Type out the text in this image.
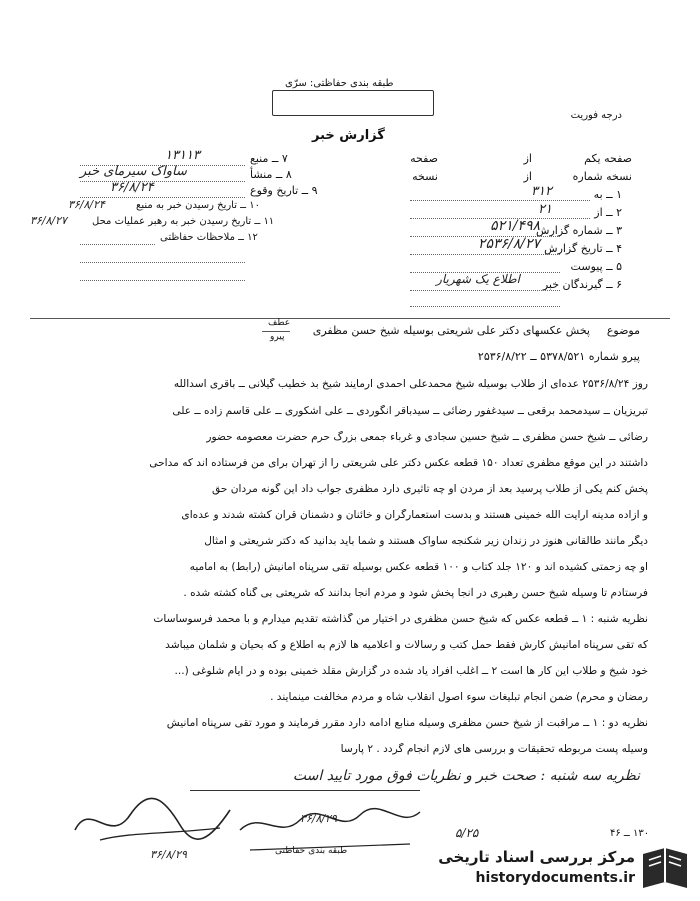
طبقه بندی حفاظتی: سرّی
درجه فوریت
گزارش خبر
۷ ــ منبع
۱۳۱۱۳
۸ ــ منشأ
ساواک سیرمای خبر
۹ ــ تاریخ وقوع
۳۶/۸/۲۴
۱۰ ــ تاریخ رسیدن خبر به منبع
۳۶/۸/۲۴
۱۱ ــ تاریخ رسیدن خبر به رهبر عملیات محل
۳۶/۸/۲۷
۱۲ ــ ملاحظات حفاظتی
صفحه یکم
از
صفحه
نسخه شماره
از
نسخه
۱ ــ به
۳۱۲
۲ ــ از
۲۱
۳ ــ شماره گزارش
۵۲۱/۴۹۸
۴ ــ تاریخ گزارش
۲۵۳۶/۸/۲۷
۵ ــ پیوست
۶ ــ گیرندگان خبر
اطلاع یک شهریار
موضوع
پخش عکسهای دکتر علی شریعتی بوسیله شیخ حسن مظفری
عطف
پیرو
پیرو شماره ۵۳۷۸/۵۲۱ ــ ۲۵۳۶/۸/۲۲
روز ۲۵۳۶/۸/۲۴ عده‌ای از طلاب بوسیله شیخ محمدعلی احمدی آرمایند شیخ بد خطیب گیلانی ــ باقری اسدالله
تبریزیان ــ سیدمحمد برقعی ــ سیدغفور رضائی ــ سیدباقر انگوردی ــ علی اشکوری ــ علی قاسم زاده ــ علی
رضائی ــ شیخ حسن مظفری ــ شیخ حسین سجادی و غرباء جمعی بزرگ حرم حضرت معصومه حضور
داشتند در این موقع مظفری تعداد ۱۵۰ قطعه عکس دکتر علی شریعتی را از تهران برای من فرستاده اند که مداحی
پخش کنم یکی از طلاب پرسید بعد از مردن او چه تاثیری دارد مظفری جواب داد این گونه مردان حق
و آزاده مدینه آرایت الله خمینی هستند و بدست استعمارگران و خائنان و دشمنان قرآن کشته شدند و عده‌ای
دیگر مانند طالقانی هنوز در زندان زیر شکنجه ساواک هستند و شما باید بدانید که دکتر شریعتی و امثال
او چه زحمتی کشیده اند و ۱۲۰ جلد کتاب و ۱۰۰ قطعه عکس بوسیله تقی سرپناه امانیش (رابط) به امامیه
فرستادم تا وسیله شیخ حسن رهبری در آنجا پخش شود و مردم آنجا بدانند که شریعتی بی گناه کشته شده .
نظریه شنبه : ۱ ــ قطعه عکس که شیخ حسن مظفری در اختیار من گذاشته تقدیم میدارم و با محمد فرسوساسات
که تقی سرپناه امانیش کارش فقط حمل کتب و رسالات و اعلامیه ها لازم به اطلاع و که بحیان و شلمان میباشد
خود شیخ و طلاب این کار ها است ۲ ــ اغلب افراد یاد شده در گزارش مقلد خمینی بوده و در ایام شلوغی (...
رمضان و محرم) ضمن انجام تبلیغات سوء اصول انقلاب شاه و مردم مخالفت مینمایند .
نظریه دو : ۱ ــ مراقبت از شیخ حسن مظفری وسیله منابع ادامه دارد مقرر فرمایند و مورد تقی سرپناه امانیش
وسیله پست مربوطه تحقیقات و بررسی های لازم انجام گردد . ۲ پارسا
نظریه سه شنبه : صحت خبر و نظریات فوق مورد تایید است
۵/۲۵
۳۶/۸/۲۹
۳۶/۸/۲۹
طبقه بندی حفاظتی
۱۳۰ ــ ۴۶
مرکز بررسی اسناد تاریخی
historydocuments.ir
